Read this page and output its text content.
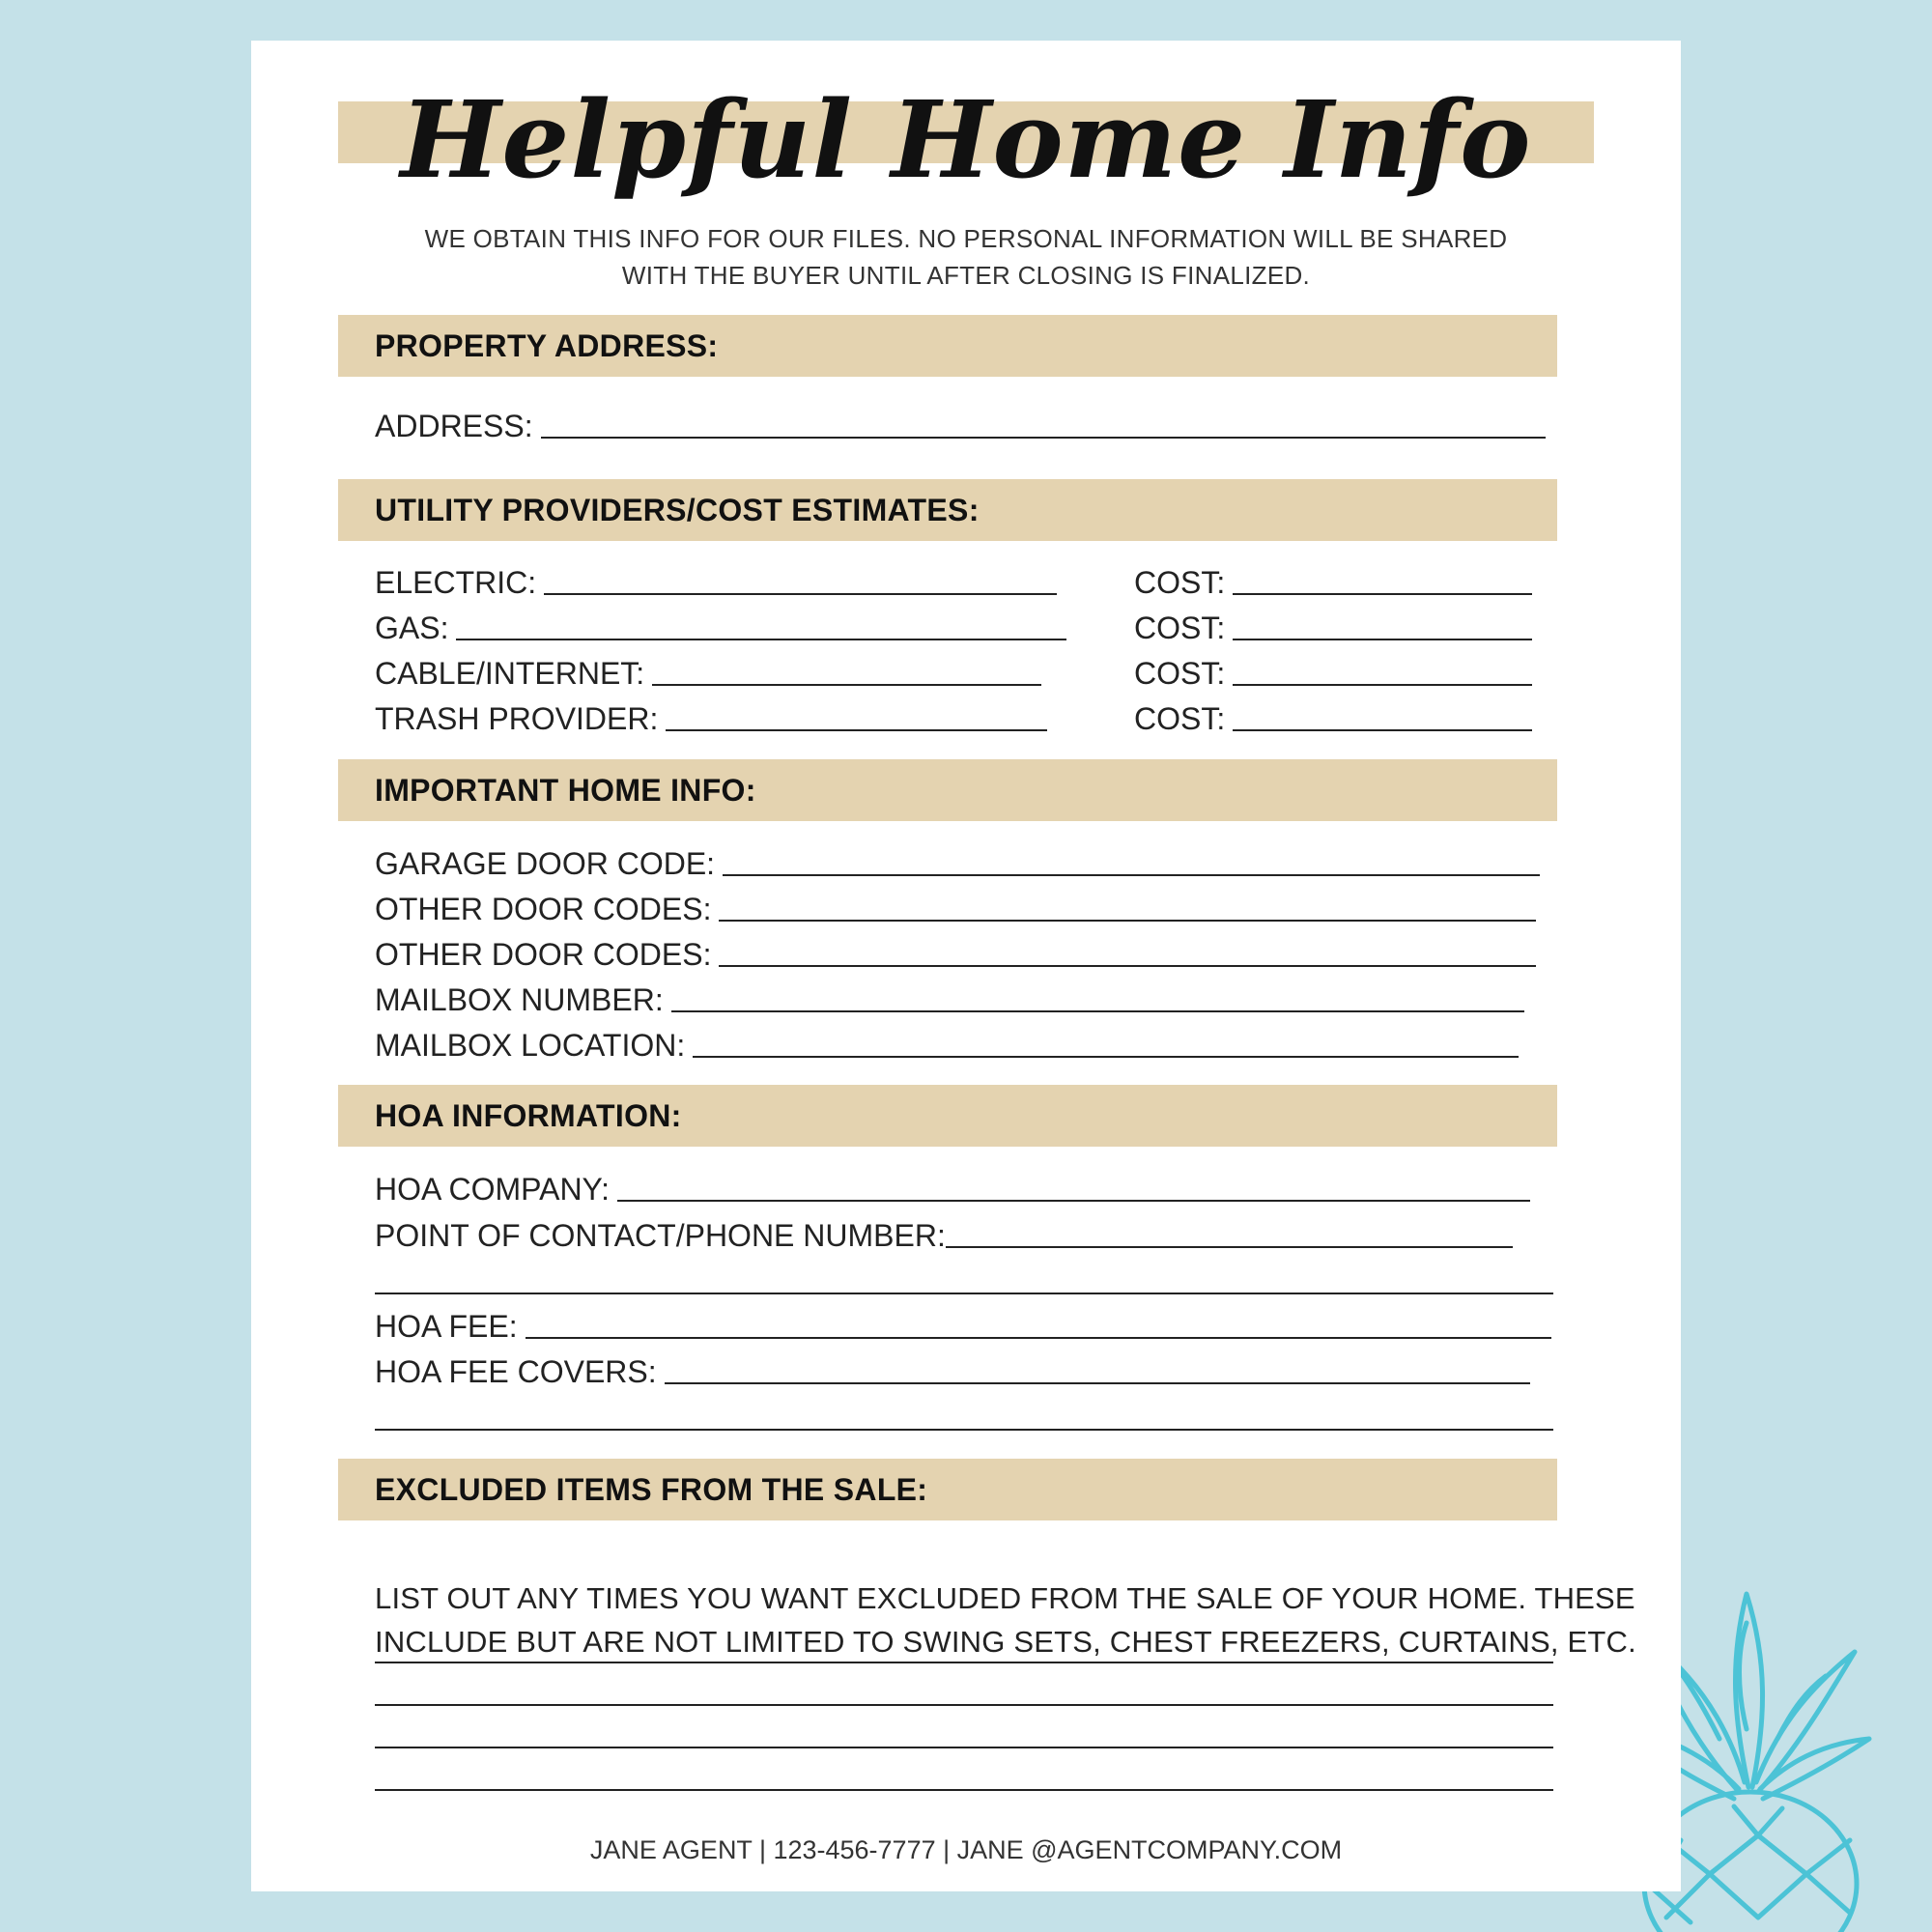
Helpful Home Info
WE OBTAIN THIS INFO FOR OUR FILES. NO PERSONAL INFORMATION WILL BE SHARED
WITH THE BUYER UNTIL AFTER CLOSING IS FINALIZED.
PROPERTY ADDRESS:
ADDRESS:
UTILITY PROVIDERS/COST ESTIMATES:
ELECTRIC:	COST:
GAS:	COST:
CABLE/INTERNET:	COST:
TRASH PROVIDER:	COST:
IMPORTANT HOME INFO:
GARAGE DOOR CODE:
OTHER DOOR CODES:
OTHER DOOR CODES:
MAILBOX NUMBER:
MAILBOX LOCATION:
HOA INFORMATION:
HOA COMPANY:
POINT OF CONTACT/PHONE NUMBER:
HOA FEE:
HOA FEE COVERS:
EXCLUDED ITEMS FROM THE SALE:
LIST OUT ANY TIMES YOU WANT EXCLUDED FROM THE SALE OF YOUR HOME. THESE
INCLUDE BUT ARE NOT LIMITED TO SWING SETS, CHEST FREEZERS, CURTAINS, ETC.
JANE AGENT | 123-456-7777 | JANE @AGENTCOMPANY.COM
